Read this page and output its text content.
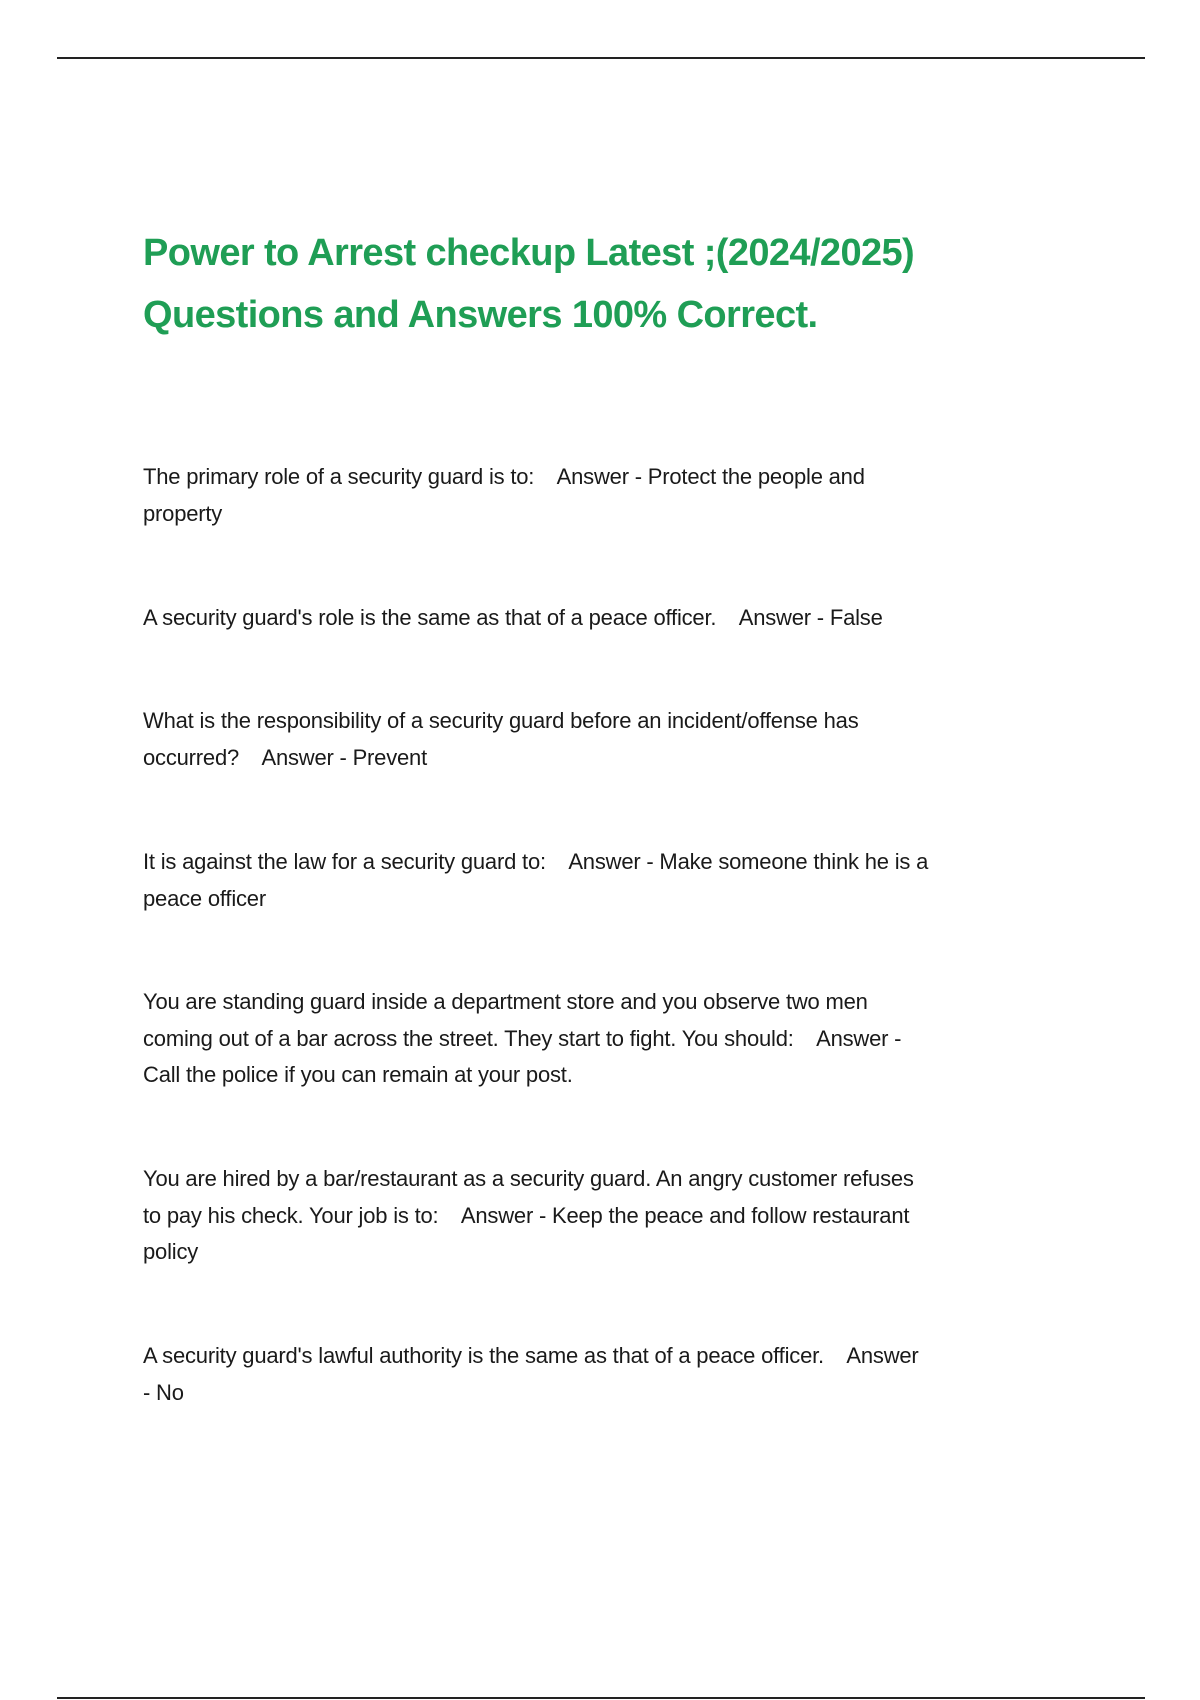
Power to Arrest checkup Latest ;(2024/2025)
Questions and Answers 100% Correct.
The primary role of a security guard is to:    Answer - Protect the people and
property
A security guard's role is the same as that of a peace officer.    Answer - False
What is the responsibility of a security guard before an incident/offense has
occurred?    Answer - Prevent
It is against the law for a security guard to:    Answer - Make someone think he is a
peace officer
You are standing guard inside a department store and you observe two men
coming out of a bar across the street. They start to fight. You should:    Answer -
Call the police if you can remain at your post.
You are hired by a bar/restaurant as a security guard. An angry customer refuses
to pay his check. Your job is to:    Answer - Keep the peace and follow restaurant
policy
A security guard's lawful authority is the same as that of a peace officer.    Answer
- No
